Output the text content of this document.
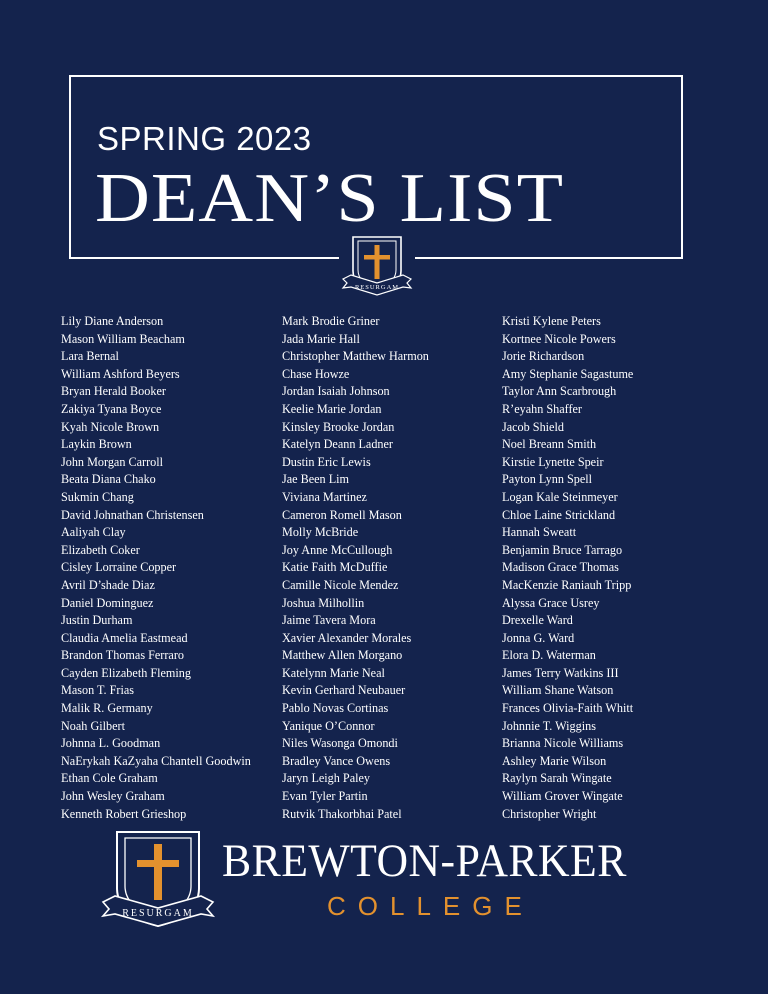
SPRING 2023
DEAN’S LIST
RESURGAM
Lily Diane Anderson
Mason William Beacham
Lara Bernal
William Ashford Beyers
Bryan Herald Booker
Zakiya Tyana Boyce
Kyah Nicole Brown
Laykin Brown
John Morgan Carroll
Beata Diana Chako
Sukmin Chang
David Johnathan Christensen
Aaliyah Clay
Elizabeth Coker
Cisley Lorraine Copper
Avril D’shade Diaz
Daniel Dominguez
Justin Durham
Claudia Amelia Eastmead
Brandon Thomas Ferraro
Cayden Elizabeth Fleming
Mason T. Frias
Malik R. Germany
Noah Gilbert
Johnna L. Goodman
NaErykah KaZyaha Chantell Goodwin
Ethan Cole Graham
John Wesley Graham
Kenneth Robert Grieshop
Mark Brodie Griner
Jada Marie Hall
Christopher Matthew Harmon
Chase Howze
Jordan Isaiah Johnson
Keelie Marie Jordan
Kinsley Brooke Jordan
Katelyn Deann Ladner
Dustin Eric Lewis
Jae Been Lim
Viviana Martinez
Cameron Romell Mason
Molly McBride
Joy Anne McCullough
Katie Faith McDuffie
Camille Nicole Mendez
Joshua Milhollin
Jaime Tavera Mora
Xavier Alexander Morales
Matthew Allen Morgano
Katelynn Marie Neal
Kevin Gerhard Neubauer
Pablo Novas Cortinas
Yanique O’Connor
Niles Wasonga Omondi
Bradley Vance Owens
Jaryn Leigh Paley
Evan Tyler Partin
Rutvik Thakorbhai Patel
Kristi Kylene Peters
Kortnee Nicole Powers
Jorie Richardson
Amy Stephanie Sagastume
Taylor Ann Scarbrough
R’eyahn Shaffer
Jacob Shield
Noel Breann Smith
Kirstie Lynette Speir
Payton Lynn Spell
Logan Kale Steinmeyer
Chloe Laine Strickland
Hannah Sweatt
Benjamin Bruce Tarrago
Madison Grace Thomas
MacKenzie Raniauh Tripp
Alyssa Grace Usrey
Drexelle Ward
Jonna G. Ward
Elora D. Waterman
James Terry Watkins III
William Shane Watson
Frances Olivia-Faith Whitt
Johnnie T. Wiggins
Brianna Nicole Williams
Ashley Marie Wilson
Raylyn Sarah Wingate
William Grover Wingate
Christopher Wright
RESURGAM
BREWTON-PARKER
COLLEGE
